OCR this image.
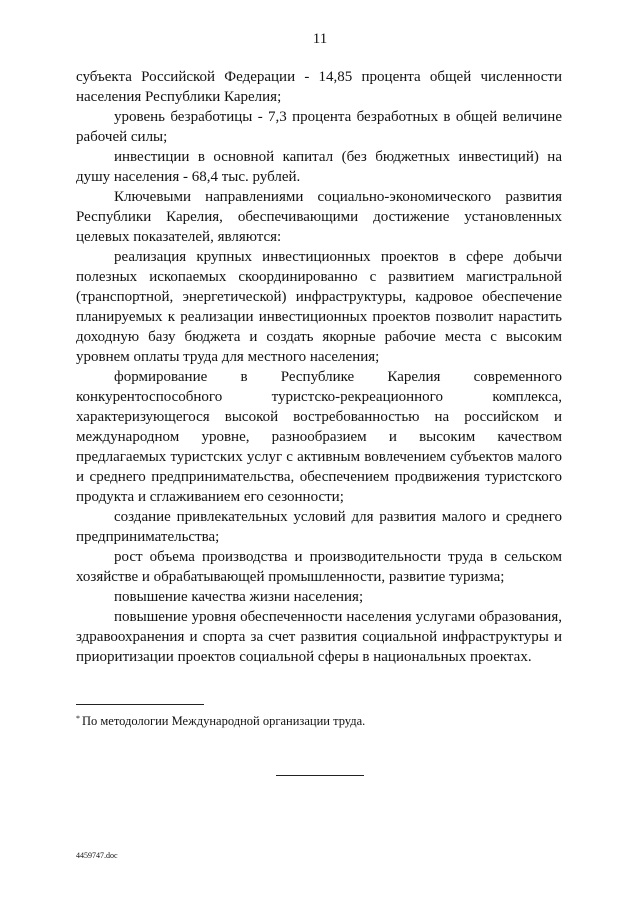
11

субъекта Российской Федерации - 14,85 процента общей численности населения Республики Карелия;

уровень безработицы - 7,3 процента безработных в общей величине рабочей силы;

инвестиции в основной капитал (без бюджетных инвестиций) на душу населения - 68,4 тыс. рублей.

Ключевыми направлениями социально-экономического развития Республики Карелия, обеспечивающими достижение установленных целевых показателей, являются:

реализация крупных инвестиционных проектов в сфере добычи полезных ископаемых скоординированно с развитием магистральной (транспортной, энергетической) инфраструктуры, кадровое обеспечение планируемых к реализации инвестиционных проектов позволит нарастить доходную базу бюджета и создать якорные рабочие места с высоким уровнем оплаты труда для местного населения;

формирование в Республике Карелия современного конкурентоспособного туристско-рекреационного комплекса, характеризующегося высокой востребованностью на российском и международном уровне, разнообразием и высоким качеством предлагаемых туристских услуг с активным вовлечением субъектов малого и среднего предпринимательства, обеспечением продвижения туристского продукта и сглаживанием его сезонности;

создание привлекательных условий для развития малого и среднего предпринимательства;

рост объема производства и производительности труда в сельском хозяйстве и обрабатывающей промышленности, развитие туризма;

повышение качества жизни населения;

повышение уровня обеспеченности населения услугами образования, здравоохранения и спорта за счет развития социальной инфраструктуры и приоритизации проектов социальной сферы в национальных проектах.

* По методологии Международной организации труда.
4459747.doc
